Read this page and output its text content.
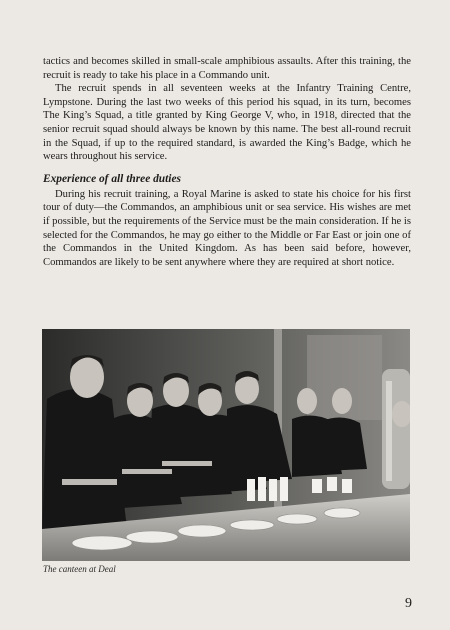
tactics and becomes skilled in small-scale amphibious assaults. After this training, the recruit is ready to take his place in a Commando unit.

The recruit spends in all seventeen weeks at the Infantry Training Centre, Lympstone. During the last two weeks of this period his squad, in its turn, becomes The King’s Squad, a title granted by King George V, who, in 1918, directed that the senior recruit squad should always be known by this name. The best all-round recruit in the Squad, if up to the required standard, is awarded the King’s Badge, which he wears throughout his service.

Experience of all three duties

During his recruit training, a Royal Marine is asked to state his choice for his first tour of duty—the Commandos, an amphibious unit or sea service. His wishes are met if possible, but the requirements of the Service must be the main consideration. If he is selected for the Commandos, he may go either to the Middle or Far East or join one of the Commandos in the United Kingdom. As has been said before, however, Commandos are likely to be sent anywhere where they are required at short notice.

The canteen at Deal
9
